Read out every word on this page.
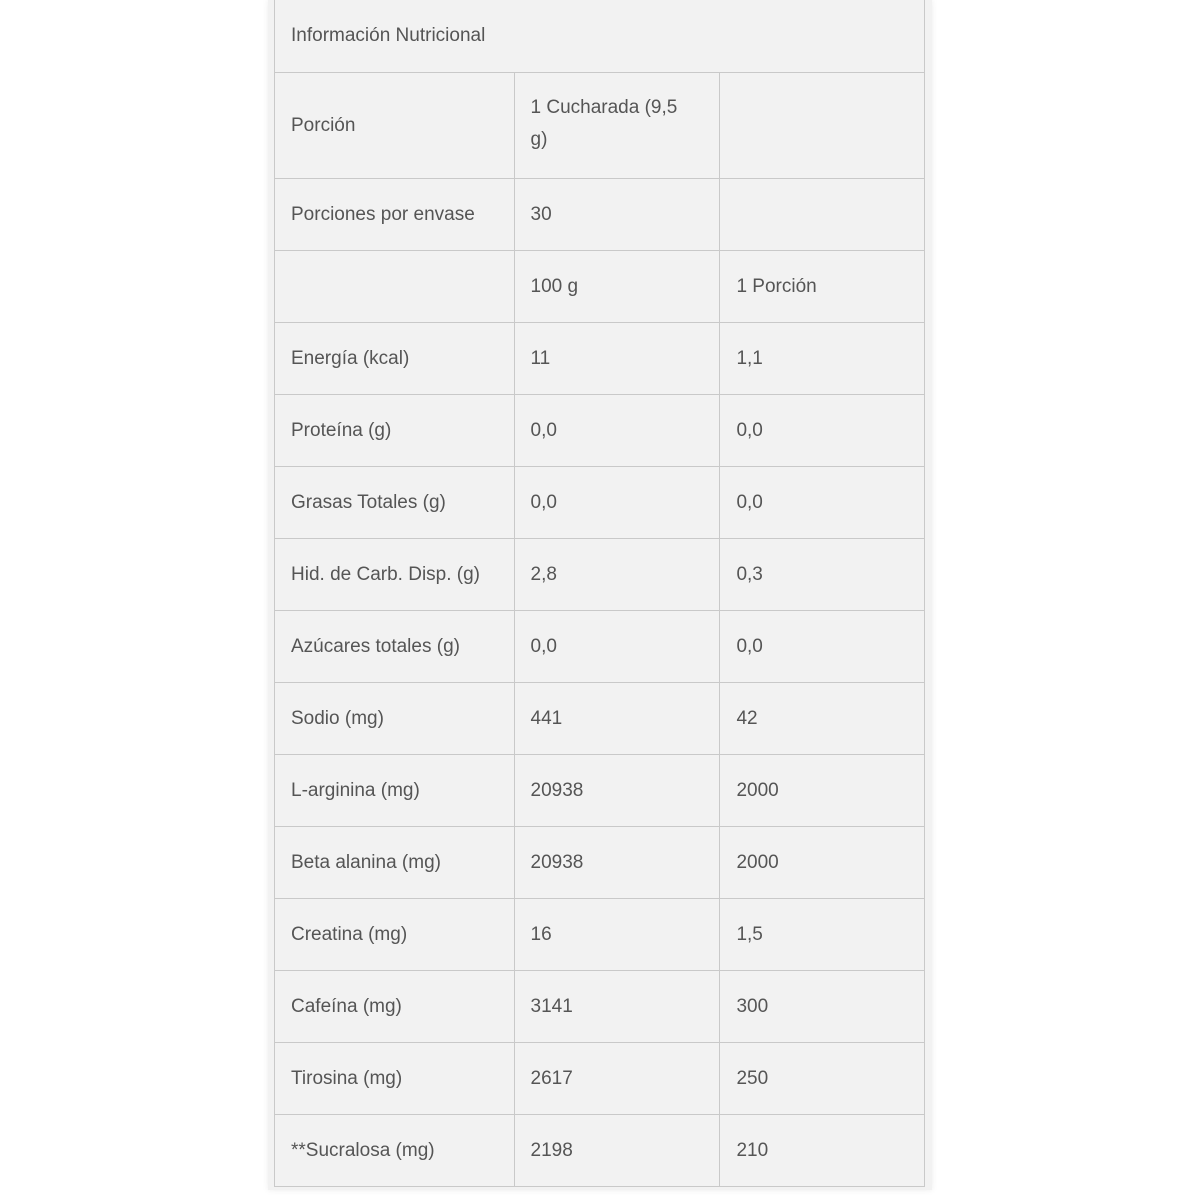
Información Nutricional		
Porción	1 Cucharada (9,5 g)	

Porciones por envase	30	
	100 g	1 Porción
Energía (kcal)	11	1,1
Proteína (g)	0,0	0,0
Grasas Totales (g)	0,0	0,0
Hid. de Carb. Disp. (g)	2,8	0,3
Azúcares totales (g)	0,0	0,0
Sodio (mg)	441	42
L-arginina (mg)	20938	2000
Beta alanina (mg)	20938	2000
Creatina (mg)	16	1,5
Cafeína (mg)	3141	300
Tirosina (mg)	2617	250
**Sucralosa (mg)	2198	210
